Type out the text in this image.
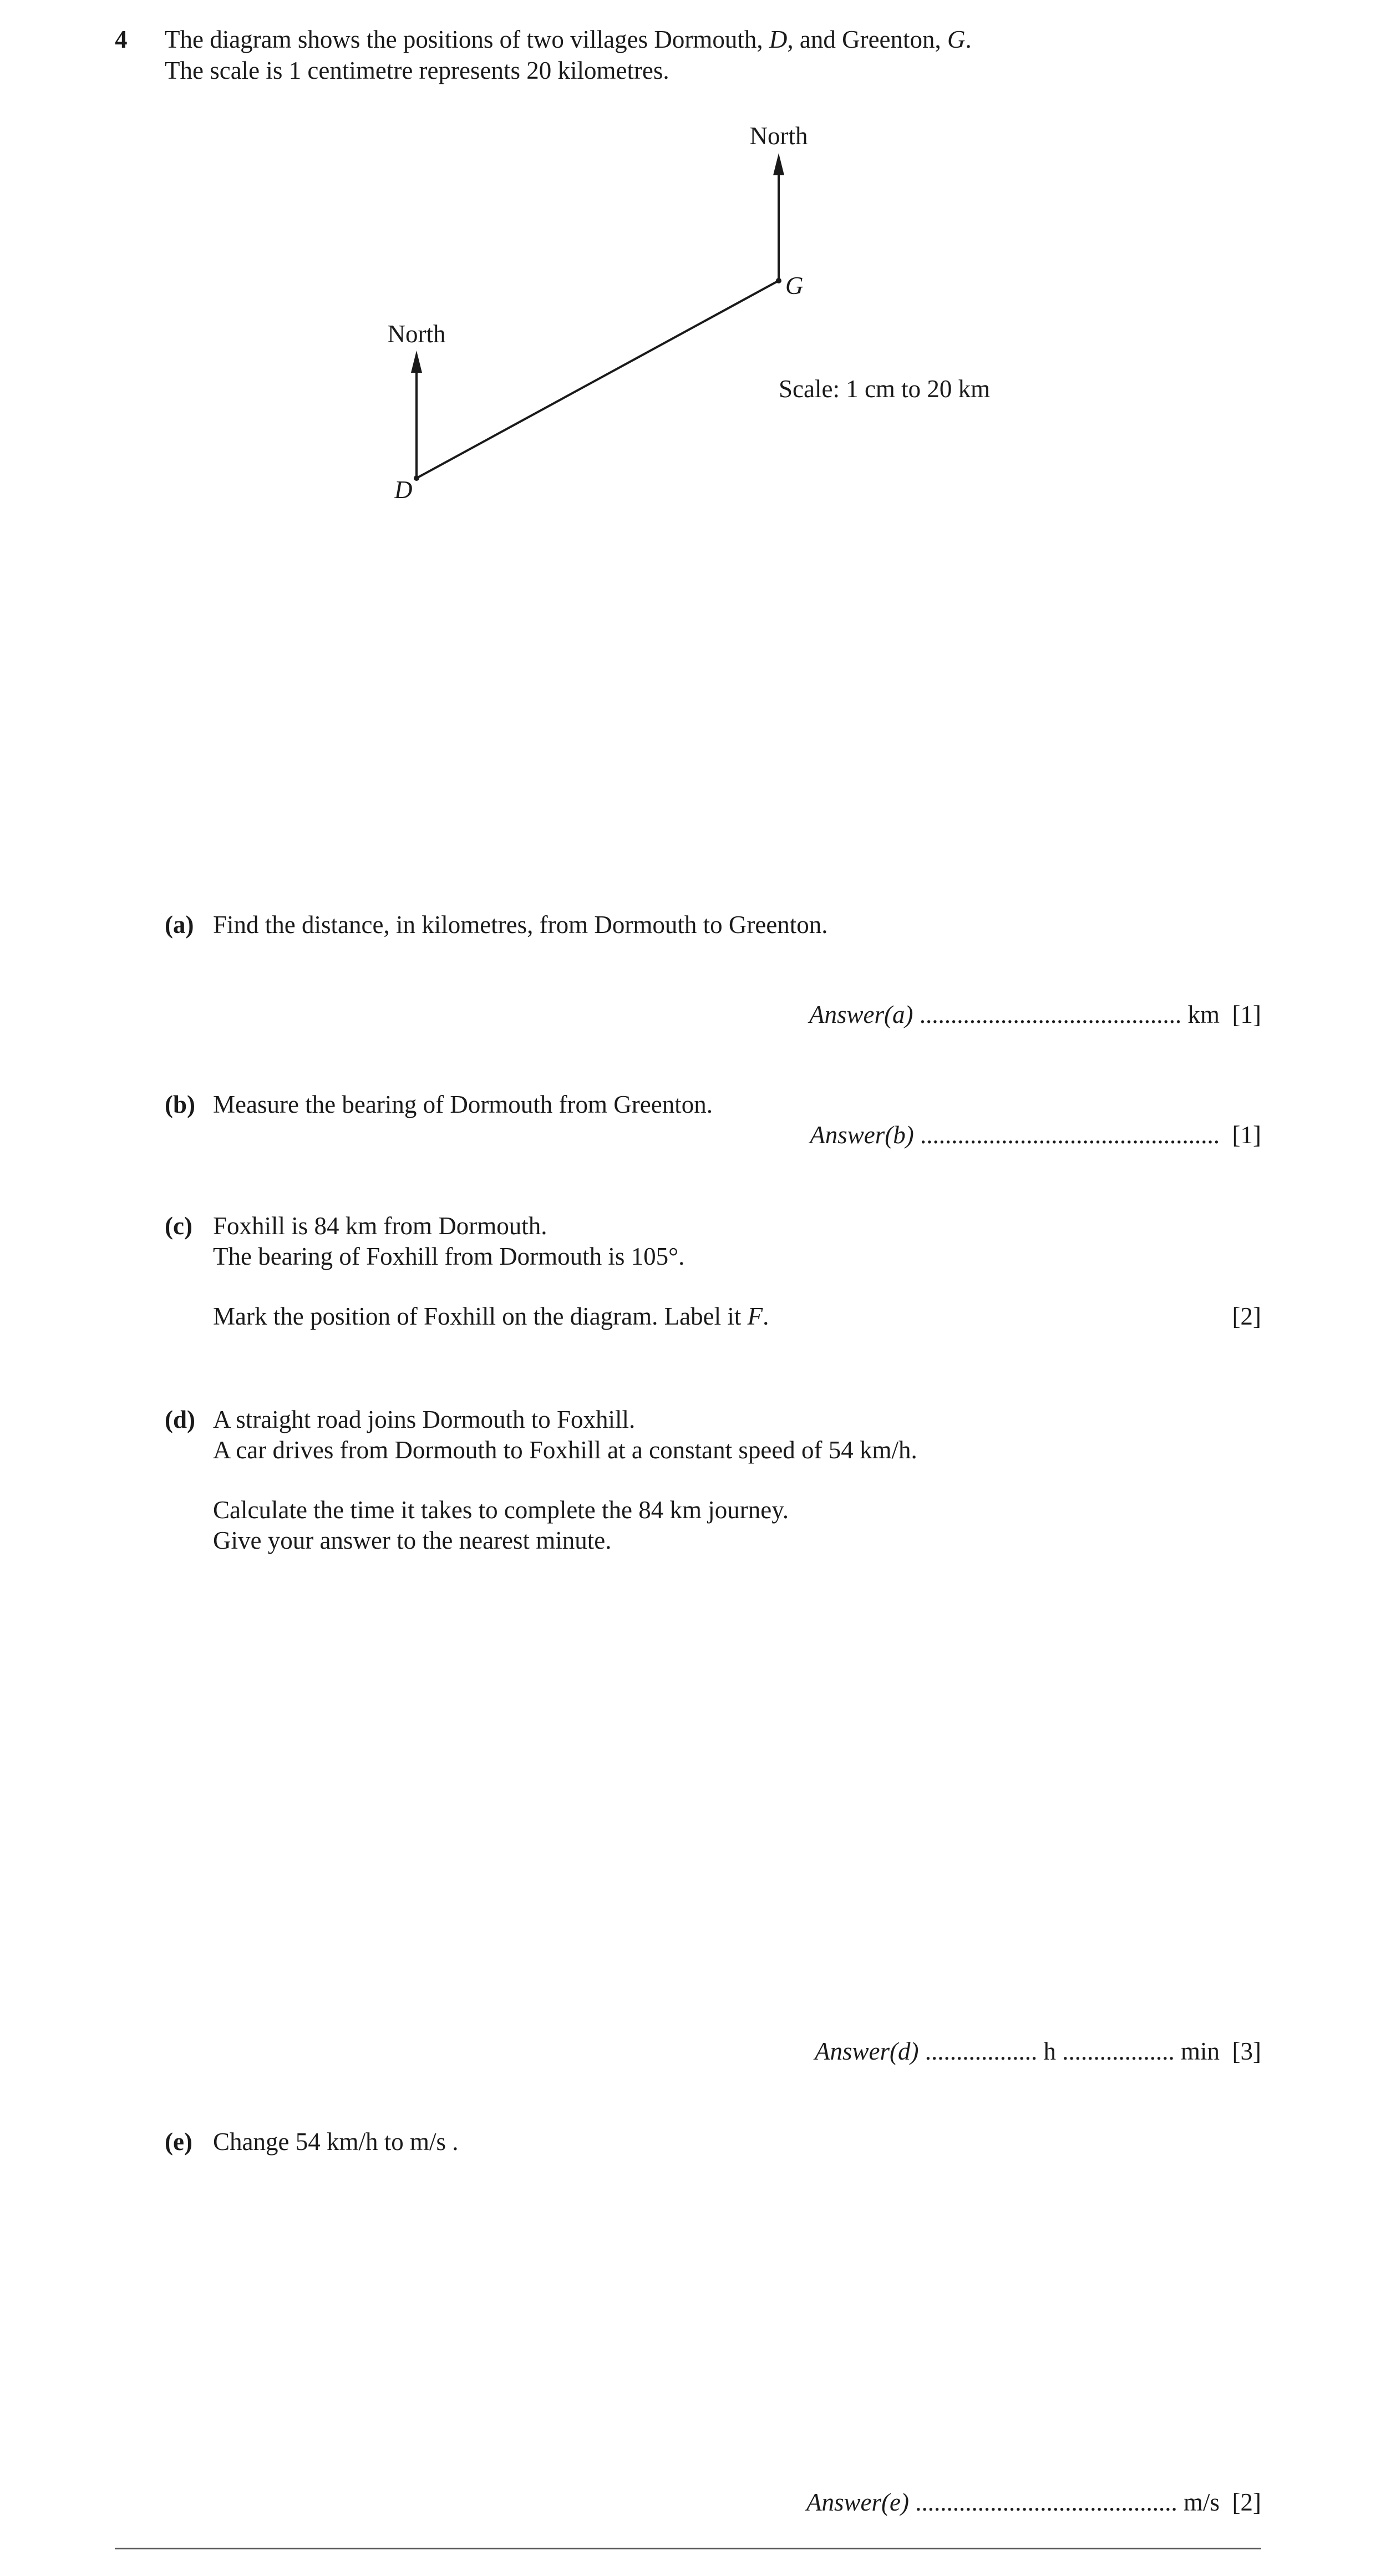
4 The diagram shows the positions of two villages Dormouth, D, and Greenton, G.
The scale is 1 centimetre represents 20 kilometres.
North
North
G
D
Scale: 1 cm to 20 km
(a) Find the distance, in kilometres, from Dormouth to Greenton.
Answer(a) .......................................... km [1]
(b) Measure the bearing of Dormouth from Greenton.
Answer(b) ................................................ [1]
(c) Foxhill is 84 km from Dormouth.
The bearing of Foxhill from Dormouth is 105°.
Mark the position of Foxhill on the diagram. Label it F.	[2]
(d) A straight road joins Dormouth to Foxhill.
A car drives from Dormouth to Foxhill at a constant speed of 54 km/h.
Calculate the time it takes to complete the 84 km journey.
Give your answer to the nearest minute.
Answer(d) .................. h .................. min [3]
(e) Change 54 km/h to m/s .
Answer(e) .......................................... m/s [2]
